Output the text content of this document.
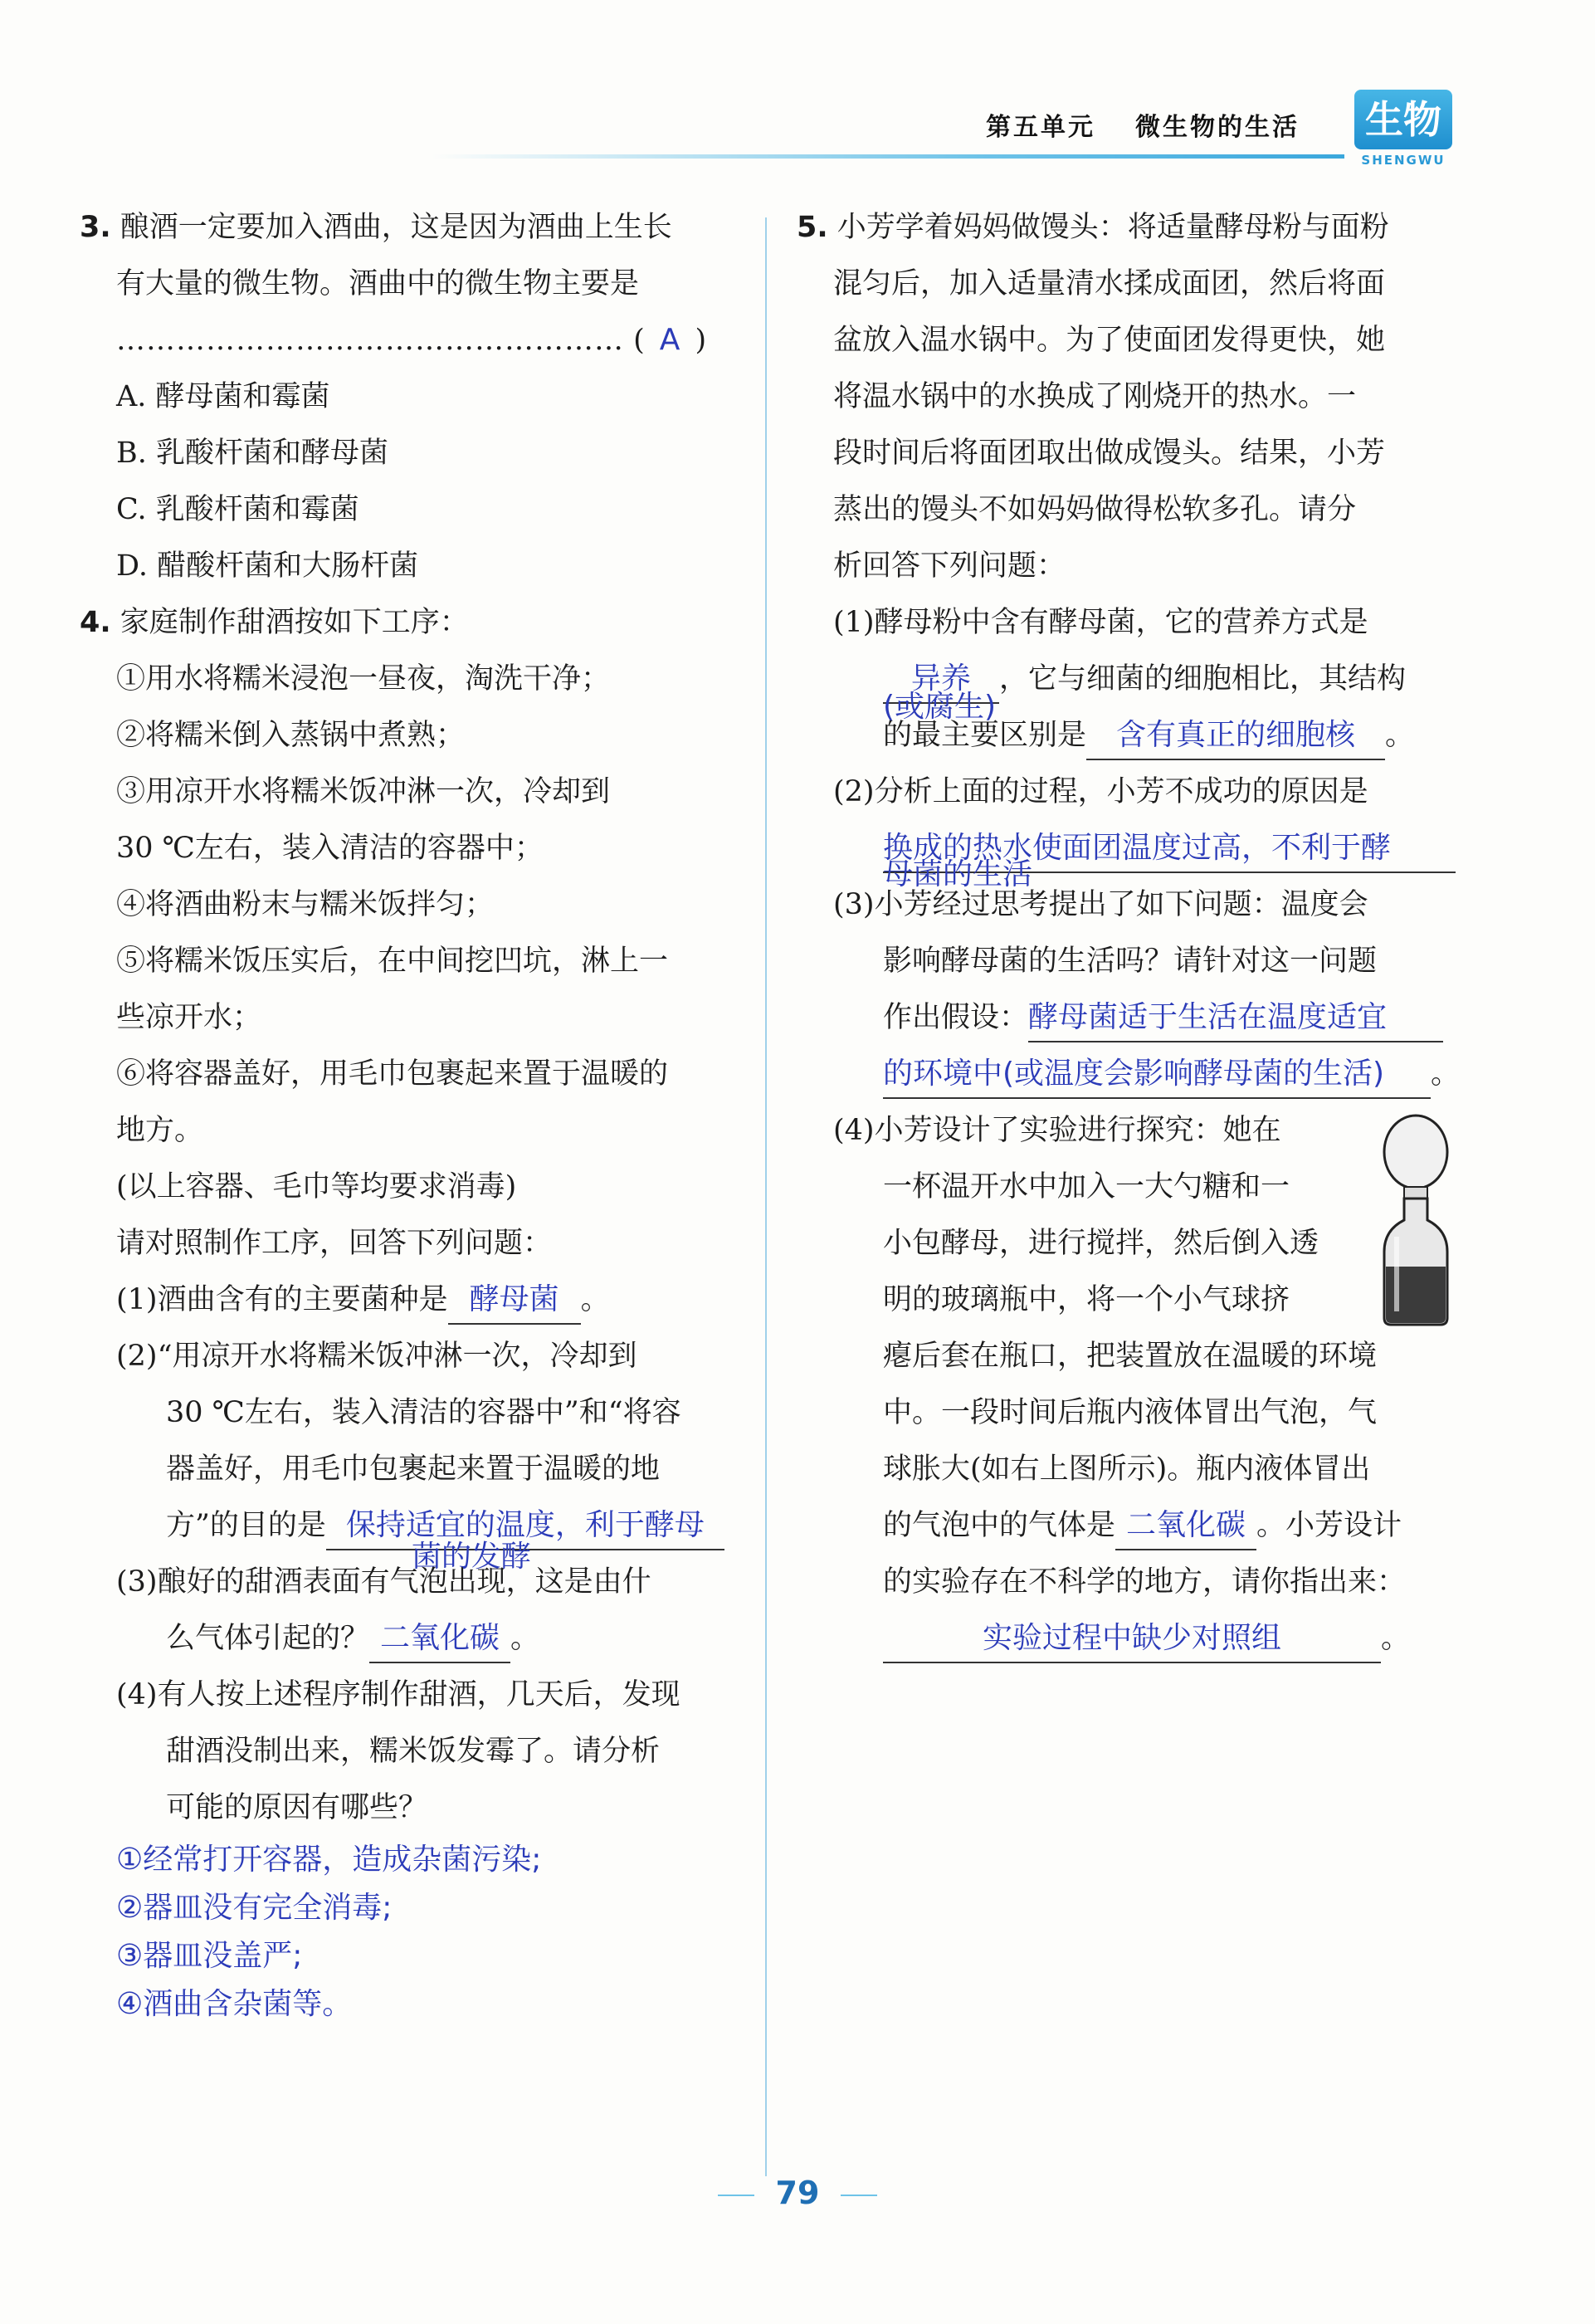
第五单元 微生物的生活 生物
SHENGWU
3. 酿酒一定要加入酒曲，这是因为酒曲上生长
有大量的微生物。酒曲中的微生物主要是
…………………………………………… ( A )
A. 酵母菌和霉菌
B. 乳酸杆菌和酵母菌
C. 乳酸杆菌和霉菌
D. 醋酸杆菌和大肠杆菌
4. 家庭制作甜酒按如下工序：
①用水将糯米浸泡一昼夜，淘洗干净；
②将糯米倒入蒸锅中煮熟；
③用凉开水将糯米饭冲淋一次，冷却到
30 ℃左右，装入清洁的容器中；
④将酒曲粉末与糯米饭拌匀；
⑤将糯米饭压实后，在中间挖凹坑，淋上一
些凉开水；
⑥将容器盖好，用毛巾包裹起来置于温暖的
地方。
(以上容器、毛巾等均要求消毒)
请对照制作工序，回答下列问题：
(1)酒曲含有的主要菌种是 酵母菌 。
(2)“用凉开水将糯米饭冲淋一次，冷却到
30 ℃左右，装入清洁的容器中”和“将容
器盖好，用毛巾包裹起来置于温暖的地
方”的目的是 保持适宜的温度，利于酵母
(3)酿好的甜酒表面有气泡出现，这是由什
菌的发酵
么气体引起的？ 二氧化碳 。
(4)有人按上述程序制作甜酒，几天后，发现
甜酒没制出来，糯米饭发霉了。请分析
可能的原因有哪些？
①经常打开容器，造成杂菌污染;
②器皿没有完全消毒;
③器皿没盖严;
④酒曲含杂菌等。
5. 小芳学着妈妈做馒头：将适量酵母粉与面粉
混匀后，加入适量清水揉成面团，然后将面
盆放入温水锅中。为了使面团发得更快，她
将温水锅中的水换成了刚烧开的热水。一
段时间后将面团取出做成馒头。结果，小芳
蒸出的馒头不如妈妈做得松软多孔。请分
析回答下列问题：
(1)酵母粉中含有酵母菌，它的营养方式是
异养 ，它与细菌的细胞相比，其结构
(或腐生)
的最主要区别是 含有真正的细胞核 。
(2)分析上面的过程，小芳不成功的原因是
换成的热水使面团温度过高，不利于酵
(3)小芳经过思考提出了如下问题：温度会
母菌的生活
影响酵母菌的生活吗？请针对这一问题
作出假设：酵母菌适于生活在温度适宜
的环境中(或温度会影响酵母菌的生活) 。
(4)小芳设计了实验进行探究：她在
一杯温开水中加入一大勺糖和一
小包酵母，进行搅拌，然后倒入透
明的玻璃瓶中，将一个小气球挤
瘪后套在瓶口，把装置放在温暖的环境
中。一段时间后瓶内液体冒出气泡，气
球胀大(如右上图所示)。瓶内液体冒出
的气泡中的气体是 二氧化碳 。小芳设计
的实验存在不科学的地方，请你指出来：
实验过程中缺少对照组	。
79
